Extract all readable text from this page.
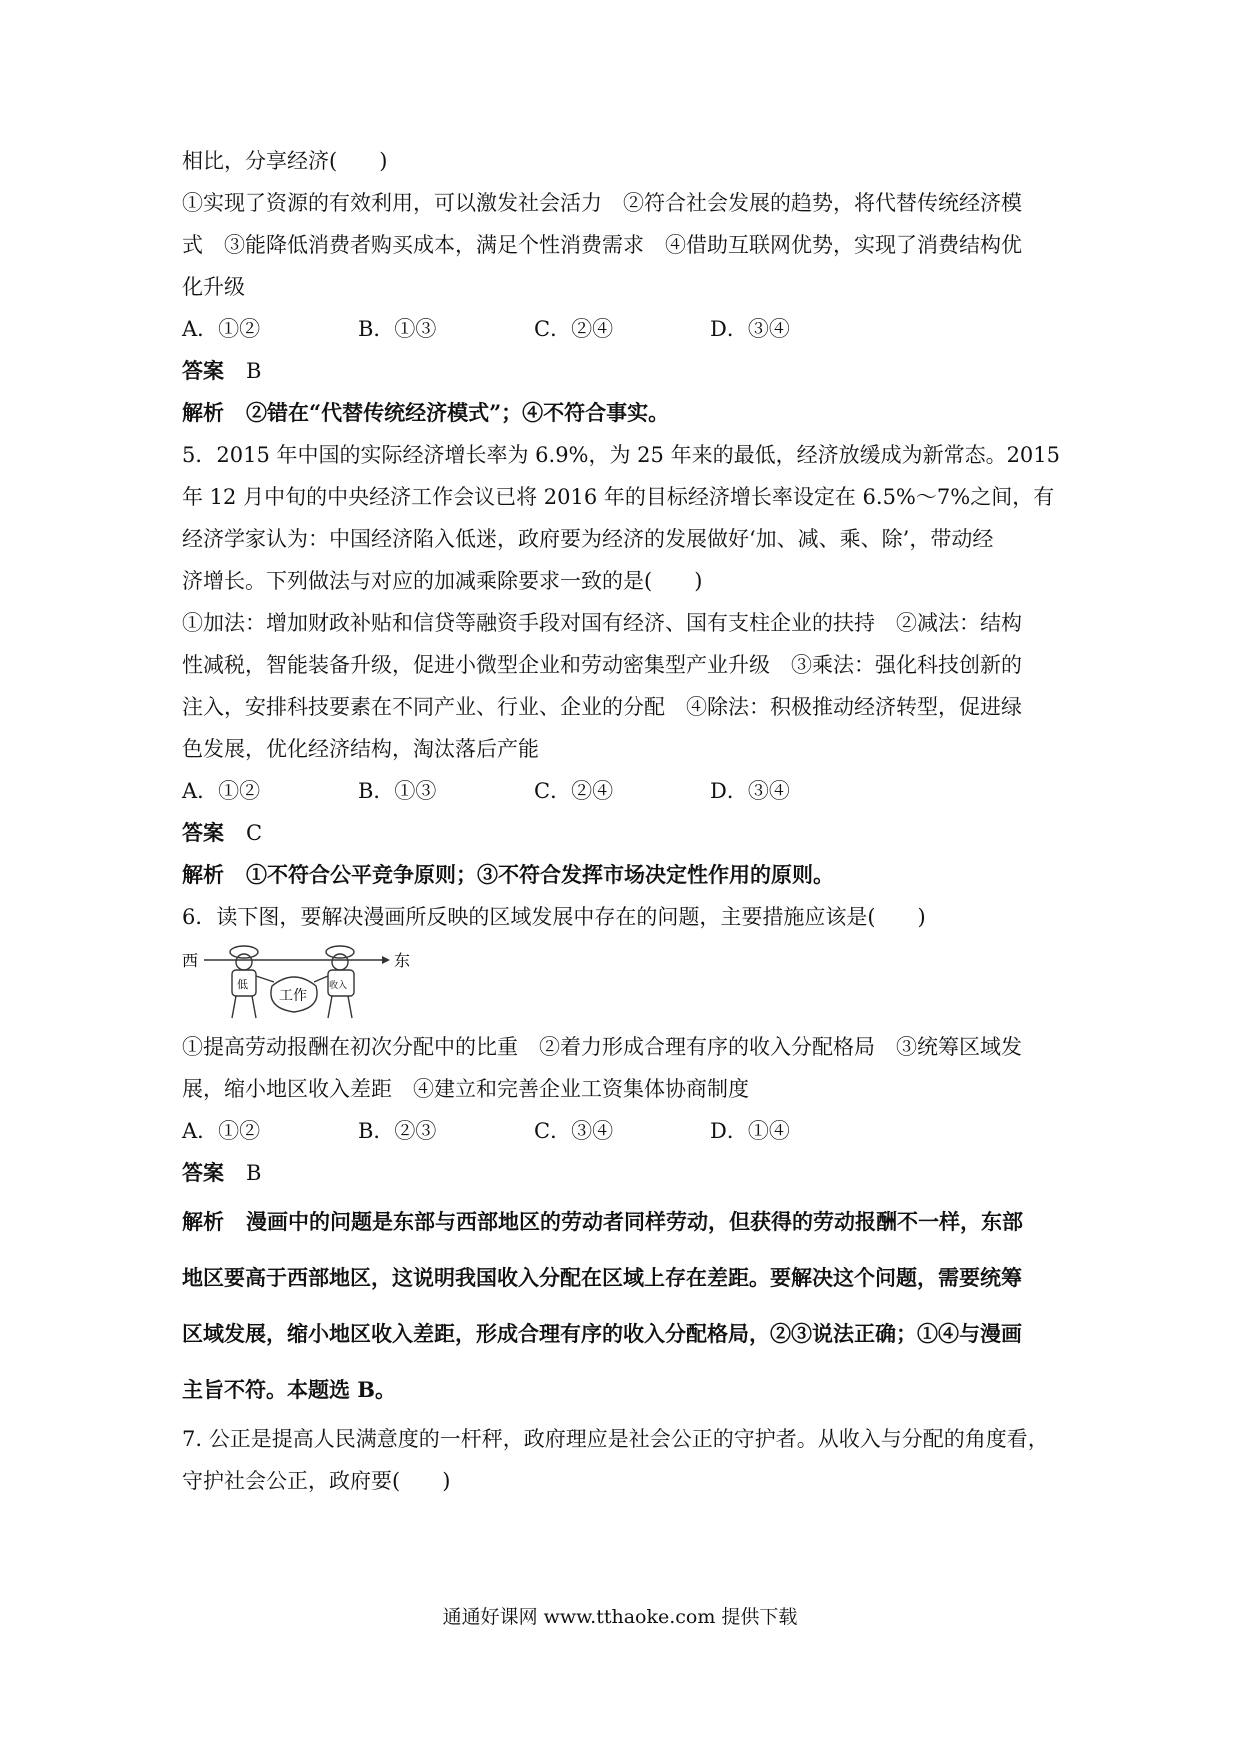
相比，分享经济(　　)
①实现了资源的有效利用，可以激发社会活力　②符合社会发展的趋势，将代替传统经济模
式　③能降低消费者购买成本，满足个性消费需求　④借助互联网优势，实现了消费结构优
化升级
A．①②	B．①③	C．②④	D．③④
答案 B
解析 ②错在“代替传统经济模式”；④不符合事实。
5．2015 年中国的实际经济增长率为 6.9%，为 25 年来的最低，经济放缓成为新常态。2015
年 12 月中旬的中央经济工作会议已将 2016 年的目标经济增长率设定在 6.5%～7%之间，有
经济学家认为：中国经济陷入低迷，政府要为经济的发展做好‘加、减、乘、除’，带动经
济增长。下列做法与对应的加减乘除要求一致的是(　　)
①加法：增加财政补贴和信贷等融资手段对国有经济、国有支柱企业的扶持　②减法：结构
性减税，智能装备升级，促进小微型企业和劳动密集型产业升级　③乘法：强化科技创新的
注入，安排科技要素在不同产业、行业、企业的分配　④除法：积极推动经济转型，促进绿
色发展，优化经济结构，淘汰落后产能
A．①②	B．①③	C．②④	D．③④
答案 C
解析 ①不符合公平竞争原则；③不符合发挥市场决定性作用的原则。
6．读下图，要解决漫画所反映的区域发展中存在的问题，主要措施应该是(　　)
西	东
低
工作
收入
①提高劳动报酬在初次分配中的比重　②着力形成合理有序的收入分配格局　③统筹区域发
展，缩小地区收入差距　④建立和完善企业工资集体协商制度
A．①②	B．②③	C．③④	D．①④
答案 B
解析 漫画中的问题是东部与西部地区的劳动者同样劳动，但获得的劳动报酬不一样，东部
地区要高于西部地区，这说明我国收入分配在区域上存在差距。要解决这个问题，需要统筹
区域发展，缩小地区收入差距，形成合理有序的收入分配格局，②③说法正确；①④与漫画
主旨不符。本题选 B。
7. 公正是提高人民满意度的一杆秤，政府理应是社会公正的守护者。从收入与分配的角度看，
守护社会公正，政府要(　　)
通通好课网 www.tthaoke.com 提供下载
